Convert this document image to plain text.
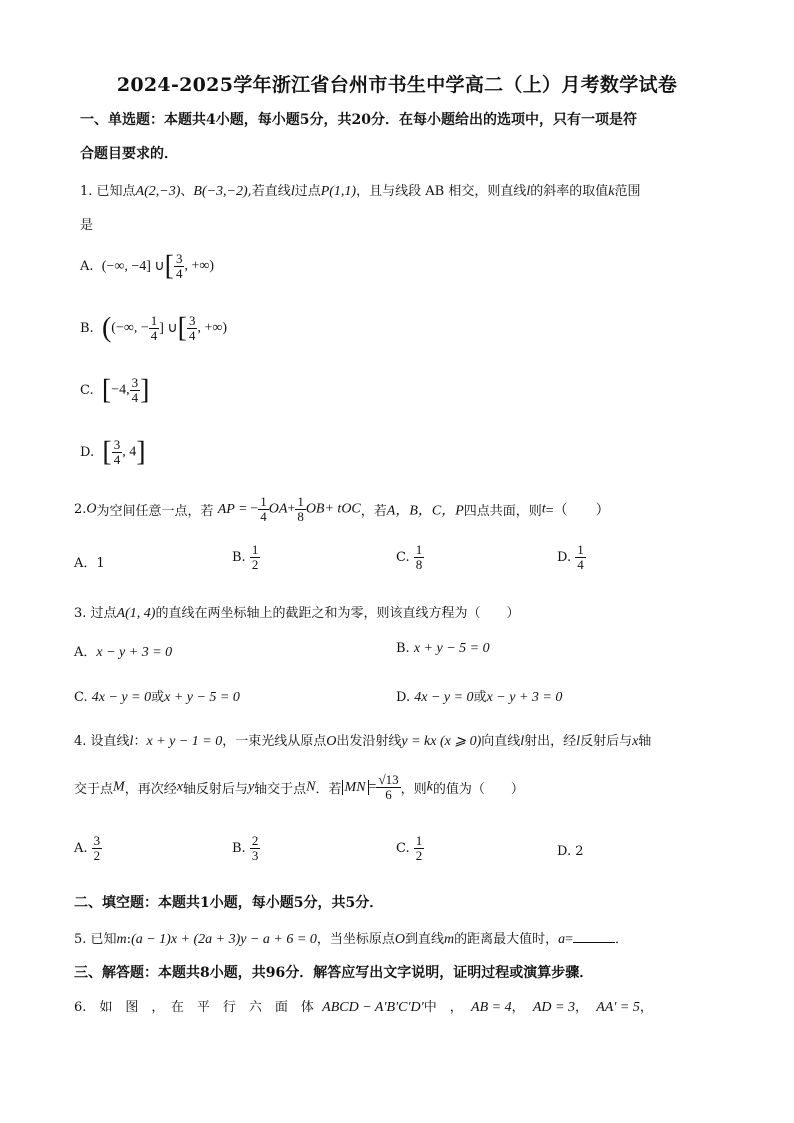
2024-2025学年浙江省台州市书生中学高二（上）月考数学试卷
一、单选题：本题共4小题，每小题5分，共20分．在每小题给出的选项中，只有一项是符
合题目要求的．
1. 已知点A(2,−3)、B(−3,−2),若直线l过点P(1,1)，且与线段 AB 相交，则直线l的斜率的取值k范围
是
A. (−∞, −4] ∪[ $\frac{3}{4}$ , +∞)
B. ((−∞, − $\frac{1}{4}$ ] ∪[ $\frac{3}{4}$ , +∞)
C. [−4, $\frac{3}{4}$ ]
D. [ $\frac{3}{4}$ , 4]
2.O为空间任意一点，若 AP = − $\frac{1}{4} OA+ \frac{1}{8} OB+$ tOC，若A，B，C，P四点共面，则t=（　　）
A．1	B. $\frac{1}{2}$	C. $\frac{1}{8}$	D. $\frac{1}{4}$
3. 过点A(1, 4)的直线在两坐标轴上的截距之和为零，则该直线方程为（　　）
A．x − y + 3 = 0	B. x + y − 5 = 0
C. 4x − y = 0或x + y − 5 = 0	D. 4x − y = 0或x − y + 3 = 0
4. 设直线l：x + y − 1 = 0，一束光线从原点O出发沿射线y = kx (x ⩾ 0)向直线l射出，经l反射后与x轴
交于点M，再次经x轴反射后与y轴交于点N．若 MN = $\frac{√13}{6}$ ，则k的值为（　　）
A. $\frac{3}{2}$	B. $\frac{2}{3}$	C. $\frac{1}{2}$	D. 2
二、填空题：本题共1小题，每小题5分，共5分．
5. 已知m:(a − 1)x + (2a + 3)y − a + 6 = 0，当坐标原点O到直线m的距离最大值时，a=	．
三、解答题：本题共8小题，共96分．解答应写出文字说明，证明过程或演算步骤．
6.　如　图　，　在　平　行　六　面　体 ABCD − A′B′C′D′中　， AB = 4， AD = 3， AA′ = 5，
